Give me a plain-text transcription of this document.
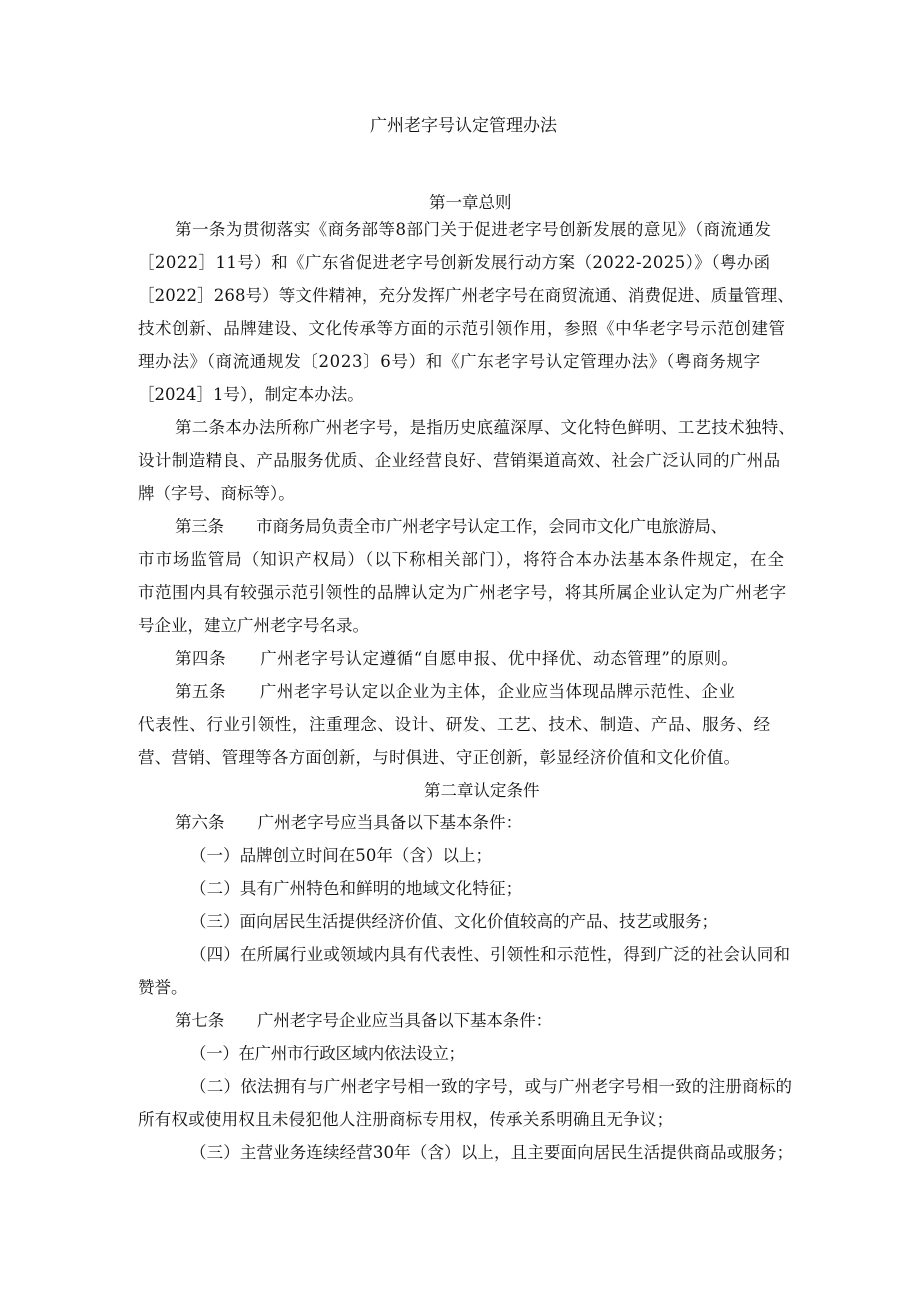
广州老字号认定管理办法
第一章总则
第一条为贯彻落实《商务部等8部门关于促进老字号创新发展的意见》（商流通发
［2022］11号）和《广东省促进老字号创新发展行动方案（2022-2025）》（粤办函
［2022］268号）等文件精神，充分发挥广州老字号在商贸流通、消费促进、质量管理、
技术创新、品牌建设、文化传承等方面的示范引领作用，参照《中华老字号示范创建管
理办法》（商流通规发〔2023〕6号）和《广东老字号认定管理办法》（粤商务规字
［2024］1号），制定本办法。
第二条本办法所称广州老字号，是指历史底蕴深厚、文化特色鲜明、工艺技术独特、
设计制造精良、产品服务优质、企业经营良好、营销渠道高效、社会广泛认同的广州品
牌（字号、商标等）。
第三条　　市商务局负责全市广州老字号认定工作，会同市文化广电旅游局、
市市场监管局（知识产权局）（以下称相关部门），将符合本办法基本条件规定，在全
市范围内具有较强示范引领性的品牌认定为广州老字号，将其所属企业认定为广州老字
号企业，建立广州老字号名录。
第四条　　广州老字号认定遵循“自愿申报、优中择优、动态管理”的原则。
第五条　　广州老字号认定以企业为主体，企业应当体现品牌示范性、企业
代表性、行业引领性，注重理念、设计、研发、工艺、技术、制造、产品、服务、经
营、营销、管理等各方面创新，与时俱进、守正创新，彰显经济价值和文化价值。
第二章认定条件
第六条　　广州老字号应当具备以下基本条件：
（一）品牌创立时间在50年（含）以上；
（二）具有广州特色和鲜明的地域文化特征；
（三）面向居民生活提供经济价值、文化价值较高的产品、技艺或服务；
（四）在所属行业或领域内具有代表性、引领性和示范性，得到广泛的社会认同和
赞誉。
第七条　　广州老字号企业应当具备以下基本条件：
（一）在广州市行政区域内依法设立；
（二）依法拥有与广州老字号相一致的字号，或与广州老字号相一致的注册商标的
所有权或使用权且未侵犯他人注册商标专用权，传承关系明确且无争议；
（三）主营业务连续经营30年（含）以上，且主要面向居民生活提供商品或服务；
